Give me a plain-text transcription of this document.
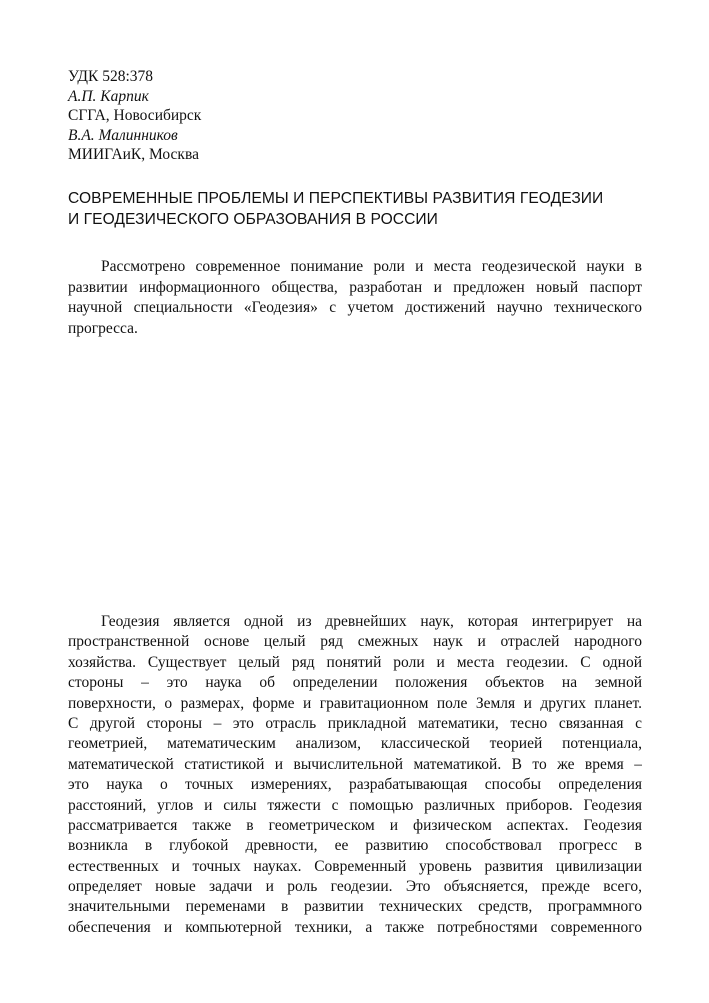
УДК 528:378
А.П. Карпик
СГГА, Новосибирск
В.А. Малинников
МИИГАиК, Москва
СОВРЕМЕННЫЕ ПРОБЛЕМЫ И ПЕРСПЕКТИВЫ РАЗВИТИЯ ГЕОДЕЗИИ
И ГЕОДЕЗИЧЕСКОГО ОБРАЗОВАНИЯ В РОССИИ
Рассмотрено современное понимание роли и места геодезической науки в
развитии информационного общества, разработан и предложен новый паспорт
научной специальности «Геодезия» с учетом достижений научно технического
прогресса.
Геодезия является одной из древнейших наук, которая интегрирует на
пространственной основе целый ряд смежных наук и отраслей народного
хозяйства. Существует целый ряд понятий роли и места геодезии. С одной
стороны – это наука об определении положения объектов на земной
поверхности, о размерах, форме и гравитационном поле Земля и других планет.
С другой стороны – это отрасль прикладной математики, тесно связанная с
геометрией, математическим анализом, классической теорией потенциала,
математической статистикой и вычислительной математикой. В то же время –
это наука о точных измерениях, разрабатывающая способы определения
расстояний, углов и силы тяжести с помощью различных приборов. Геодезия
рассматривается также в геометрическом и физическом аспектах. Геодезия
возникла в глубокой древности, ее развитию способствовал прогресс в
естественных и точных науках. Современный уровень развития цивилизации
определяет новые задачи и роль геодезии. Это объясняется, прежде всего,
значительными переменами в развитии технических средств, программного
обеспечения и компьютерной техники, а также потребностями современного
